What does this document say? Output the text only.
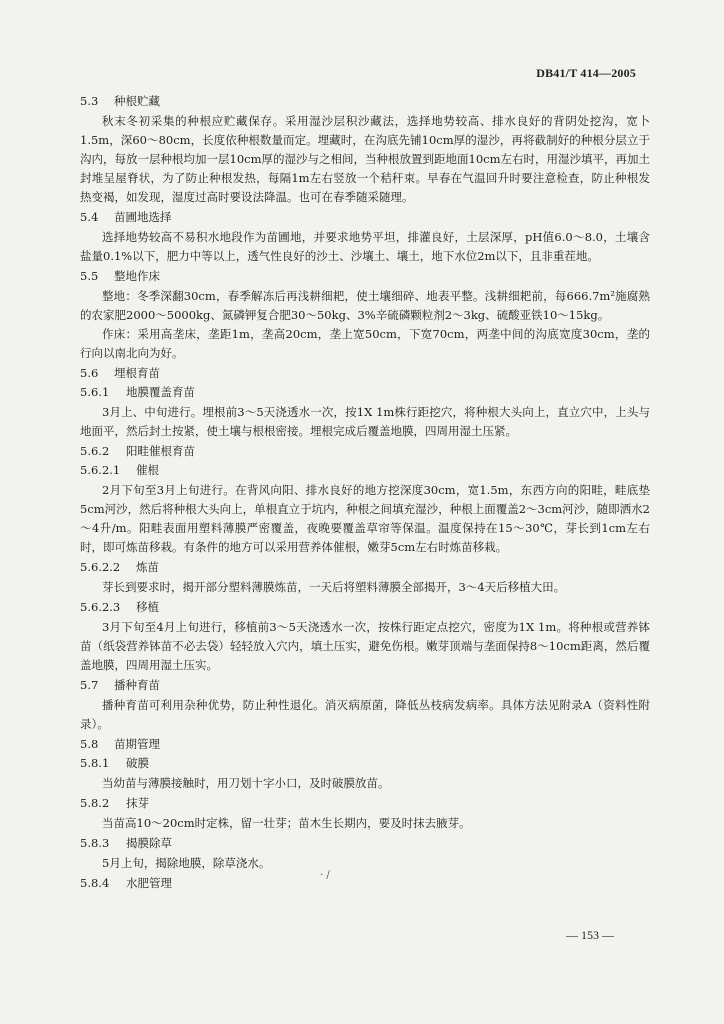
DB41/T 414—2005
5.3 种根贮藏

秋末冬初采集的种根应贮藏保存。采用湿沙层积沙藏法，选择地势较高、排水良好的背阴处挖沟，宽卜1.5m，深60～80cm，长度依种根数量而定。埋藏时，在沟底先铺10cm厚的湿沙，再将截制好的种根分层立于沟内，每放一层种根均加一层10cm厚的湿沙与之相间，当种根放置到距地面10cm左右时，用湿沙填平，再加土封堆呈屋脊状，为了防止种根发热，每隔1m左右竖放一个秸秆束。早春在气温回升时要注意检查，防止种根发热变褐，如发现，湿度过高时要设法降温。也可在春季随采随理。

5.4 苗圃地选择

选择地势较高不易积水地段作为苗圃地，并要求地势平坦，排灌良好，土层深厚，pH值6.0～8.0，土壤含盐量0.1%以下，肥力中等以上，透气性良好的沙土、沙壤土、壤土，地下水位2m以下，且非重茬地。

5.5 整地作床

整地：冬季深翻30cm，春季解冻后再浅耕细耙，使土壤细碎、地表平整。浅耕细耙前，每666.7m²施腐熟的农家肥2000～5000kg、氮磷钾复合肥30～50kg、3%辛硫磷颗粒剂2～3kg、硫酸亚铁10～15kg。

作床：采用高垄床，垄距1m，垄高20cm，垄上宽50cm，下宽70cm，两垄中间的沟底宽度30cm，垄的行向以南北向为好。

5.6 埋根育苗
5.6.1 地膜覆盖育苗

3月上、中旬进行。埋根前3～5天浇透水一次，按1X 1m株行距挖穴，将种根大头向上，直立穴中，上头与地面平，然后封土按紧，使土壤与根根密接。埋根完成后覆盖地膜，四周用湿土压紧。

5.6.2 阳畦催根育苗
5.6.2.1 催根

2月下旬至3月上旬进行。在背风向阳、排水良好的地方挖深度30cm，宽1.5m，东西方向的阳畦，畦底垫5cm河沙，然后将种根大头向上，单根直立于坑内，种根之间填充湿沙，种根上面覆盖2～3cm河沙，随即洒水2～4升/m。阳畦表面用塑料薄膜严密覆盖，夜晚要覆盖草帘等保温。温度保持在15～30℃，芽长到1cm左右时，即可炼苗移栽。有条件的地方可以采用营养体催根，嫩芽5cm左右时炼苗移栽。

5.6.2.2 炼苗

芽长到要求时，揭开部分塑料薄膜炼苗，一天后将塑料薄膜全部揭开，3～4天后移植大田。

5.6.2.3 移植

3月下旬至4月上旬进行，移植前3～5天浇透水一次，按株行距定点挖穴，密度为1X 1m。将种根或营养钵苗（纸袋营养钵苗不必去袋）轻轻放入穴内，填土压实，避免伤根。嫩芽顶端与垄面保持8～10cm距离，然后覆盖地膜，四周用湿土压实。

5.7 播种育苗

播种育苗可利用杂种优势，防止种性退化。消灭病原菌，降低丛枝病发病率。具体方法见附录A（资料性附录）。

5.8 苗期管理
5.8.1 破膜

当幼苗与薄膜接触时，用刀划十字小口，及时破膜放苗。

5.8.2 抹芽

当苗高10～20cm时定株，留一壮芽；苗木生长期内，要及时抹去腋芽。

5.8.3 揭膜除草

5月上旬，揭除地膜，除草浇水。

5.8.4 水肥管理
· /
— 153 —
